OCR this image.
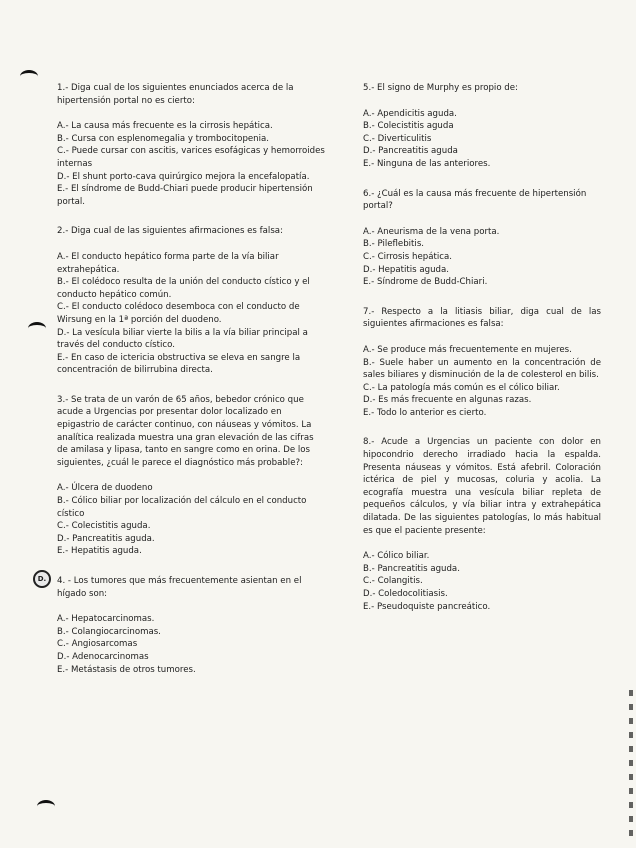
D.

1.- Diga cual de los siguientes enunciados acerca de la hipertensión portal no es cierto:

A.- La causa más frecuente es la cirrosis hepática.
B.- Cursa con esplenomegalia y trombocitopenia.
C.- Puede cursar con ascitis, varices esofágicas y hemorroides internas
D.- El shunt porto-cava quirúrgico mejora la encefalopatía.
E.- El síndrome de Budd-Chiari puede producir hipertensión portal.

2.- Diga cual de las siguientes afirmaciones es falsa:

A.- El conducto hepático forma parte de la vía biliar extrahepática.
B.- El colédoco resulta de la unión del conducto cístico y el conducto hepático común.
C.- El conducto colédoco desemboca con el conducto de Wirsung en la 1ª porción del duodeno.
D.- La vesícula biliar vierte la bilis a la vía biliar principal a través del conducto cístico.
E.- En caso de ictericia obstructiva se eleva en sangre la concentración de bilirrubina directa.

3.- Se trata de un varón de 65 años, bebedor crónico que acude a Urgencias por presentar dolor localizado en epigastrio de carácter continuo, con náuseas y vómitos. La analítica realizada muestra una gran elevación de las cifras de amilasa y lipasa, tanto en sangre como en orina. De los siguientes, ¿cuál le parece el diagnóstico más probable?:

A.- Úlcera de duodeno
B.- Cólico biliar por localización del cálculo en el conducto cístico
C.- Colecistitis aguda.
D.- Pancreatitis aguda.
E.- Hepatitis aguda.

4. - Los tumores que más frecuentemente asientan en el hígado son:

A.- Hepatocarcinomas.
B.- Colangiocarcinomas.
C.- Angiosarcomas
D.- Adenocarcinomas
E.- Metástasis de otros tumores.

5.- El signo de Murphy es propio de:

A.- Apendicitis aguda.
B.- Colecistitis aguda
C.- Diverticulitis
D.- Pancreatitis aguda
E.- Ninguna de las anteriores.

6.- ¿Cuál es la causa más frecuente de hipertensión portal?

A.- Aneurisma de la vena porta.
B.- Pileflebitis.
C.- Cirrosis hepática.
D.- Hepatitis aguda.
E.- Síndrome de Budd-Chiari.

7.- Respecto a la litiasis biliar, diga cual de las siguientes afirmaciones es falsa:

A.- Se produce más frecuentemente en mujeres.
B.- Suele haber un aumento en la concentración de sales biliares y disminución de la de colesterol en bilis.
C.- La patología más común es el cólico biliar.
D.- Es más frecuente en algunas razas.
E.- Todo lo anterior es cierto.

8.- Acude a Urgencias un paciente con dolor en hipocondrio derecho irradiado hacia la espalda. Presenta náuseas y vómitos. Está afebril. Coloración ictérica de piel y mucosas, coluria y acolia. La ecografía muestra una vesícula biliar repleta de pequeños cálculos, y vía biliar intra y extrahepática dilatada. De las siguientes patologías, lo más habitual es que el paciente presente:

A.- Cólico biliar.
B.- Pancreatitis aguda.
C.- Colangitis.
D.- Coledocolitiasis.
E.- Pseudoquiste pancreático.
